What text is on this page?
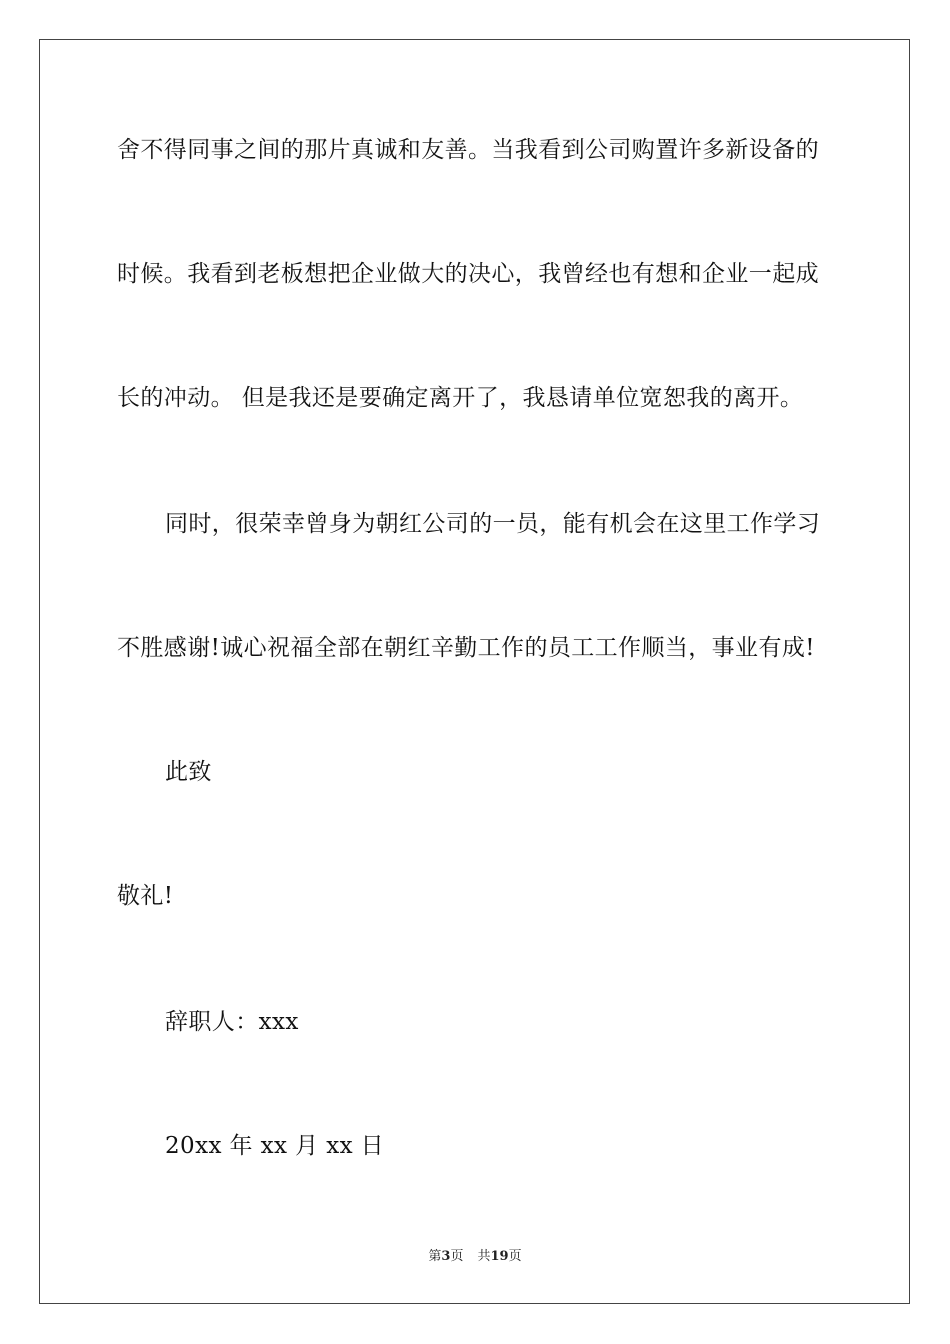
舍不得同事之间的那片真诚和友善。当我看到公司购置许多新设备的
时候。我看到老板想把企业做大的决心，我曾经也有想和企业一起成
长的冲动。 但是我还是要确定离开了，我恳请单位宽恕我的离开。
同时，很荣幸曾身为朝红公司的一员，能有机会在这里工作学习
不胜感谢!诚心祝福全部在朝红辛勤工作的员工工作顺当，事业有成!
此致
敬礼!
辞职人：xxx
20xx 年 xx 月 xx 日
第3页 共19页
